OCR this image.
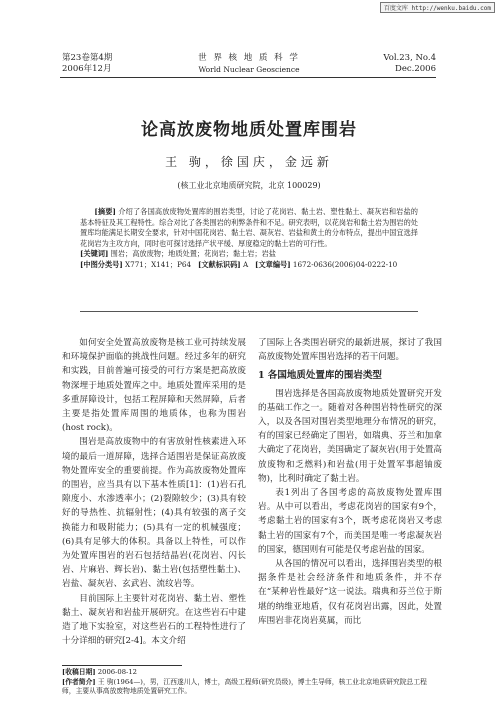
百度文库 http://wenku.baidu.com
第23卷第4期
2006年12月
世 界 核 地 质 科 学
World Nuclear Geoscience
Vol.23, No.4
Dec.2006
论高放废物地质处置库围岩
王 驹，徐国庆，金远新
(核工业北京地质研究院，北京 100029)
[摘要] 介绍了各国高放废物处置库的围岩类型，讨论了花岗岩、黏土岩、塑性黏土、凝灰岩和岩盐的基本特征及其工程特性。综合对比了各类围岩的利弊条件和不足。研究表明，以花岗岩和黏土岩为围岩的处置库均能满足长期安全要求，针对中国花岗岩、黏土岩、凝灰岩、岩盐和黄土的分布特点，提出中国宜选择花岗岩为主攻方向，同时也可探讨选择产状平缓、厚度稳定的黏土岩的可行性。
[关键词] 围岩；高放废物；地质处置；花岗岩；黏土岩；岩盐
[中图分类号] X771；X141；P64 [文献标识码] A [文章编号] 1672-0636(2006)04-0222-10

如何安全处置高放废物是核工业可持续发展和环境保护面临的挑战性问题。经过多年的研究和实践，目前普遍可接受的可行方案是把高放废物深埋于地质处置库之中。地质处置库采用的是多重屏障设计，包括工程屏障和天然屏障，后者主要是指处置库周围的地质体，也称为围岩(host rock)。

围岩是高放废物中的有害放射性核素进入环境的最后一道屏障，选择合适围岩是保证高放废物处置库安全的重要前提。作为高放废物处置库的围岩，应当具有以下基本性质[1]：(1)岩石孔隙度小、水渗透率小；(2)裂隙较少；(3)具有较好的导热性、抗辐射性；(4)具有较强的离子交换能力和吸附能力；(5)具有一定的机械强度；(6)具有足够大的体积。具备以上特性，可以作为处置库围岩的岩石包括结晶岩(花岗岩、闪长岩、片麻岩、辉长岩)、黏土岩(包括塑性黏土)、岩盐、凝灰岩、玄武岩、流纹岩等。

目前国际上主要针对花岗岩、黏土岩、塑性黏土、凝灰岩和岩盐开展研究。在这些岩石中建造了地下实验室，对这些岩石的工程特性进行了十分详细的研究[2-4]。本文介绍

了国际上各类围岩研究的最新进展，探讨了我国高放废物处置库围岩选择的若干问题。

1 各国地质处置库的围岩类型

围岩选择是各国高放废物地质处置研究开发的基础工作之一。随着对各种围岩特性研究的深入，以及各国对围岩类型地理分布情况的研究，有的国家已经确定了围岩，如瑞典、芬兰和加拿大确定了花岗岩，美国确定了凝灰岩(用于处置高放废物和乏燃料)和岩盐(用于处置军事超铀废物)，比利时确定了黏土岩。

表1列出了各国考虑的高放废物处置库围岩。从中可以看出，考虑花岗岩的国家有9个，考虑黏土岩的国家有3个，既考虑花岗岩又考虑黏土岩的国家有7个，而美国是唯一考虑凝灰岩的国家，德国则有可能是仅考虑岩盐的国家。

从各国的情况可以看出，选择围岩类型的根据条件是社会经济条件和地质条件，并不存在“某种岩性最好”这一说法。瑞典和芬兰位于斯堪的纳维亚地盾，仅有花岗岩出露，因此，处置库围岩非花岗岩莫属，而比

[收稿日期] 2006-08-12
[作者简介] 王 驹(1964—)，男，江西遂川人，博士，高级工程师(研究员级)，博士生导师，核工业北京地质研究院总工程师，主要从事高放废物地质处置研究工作。
